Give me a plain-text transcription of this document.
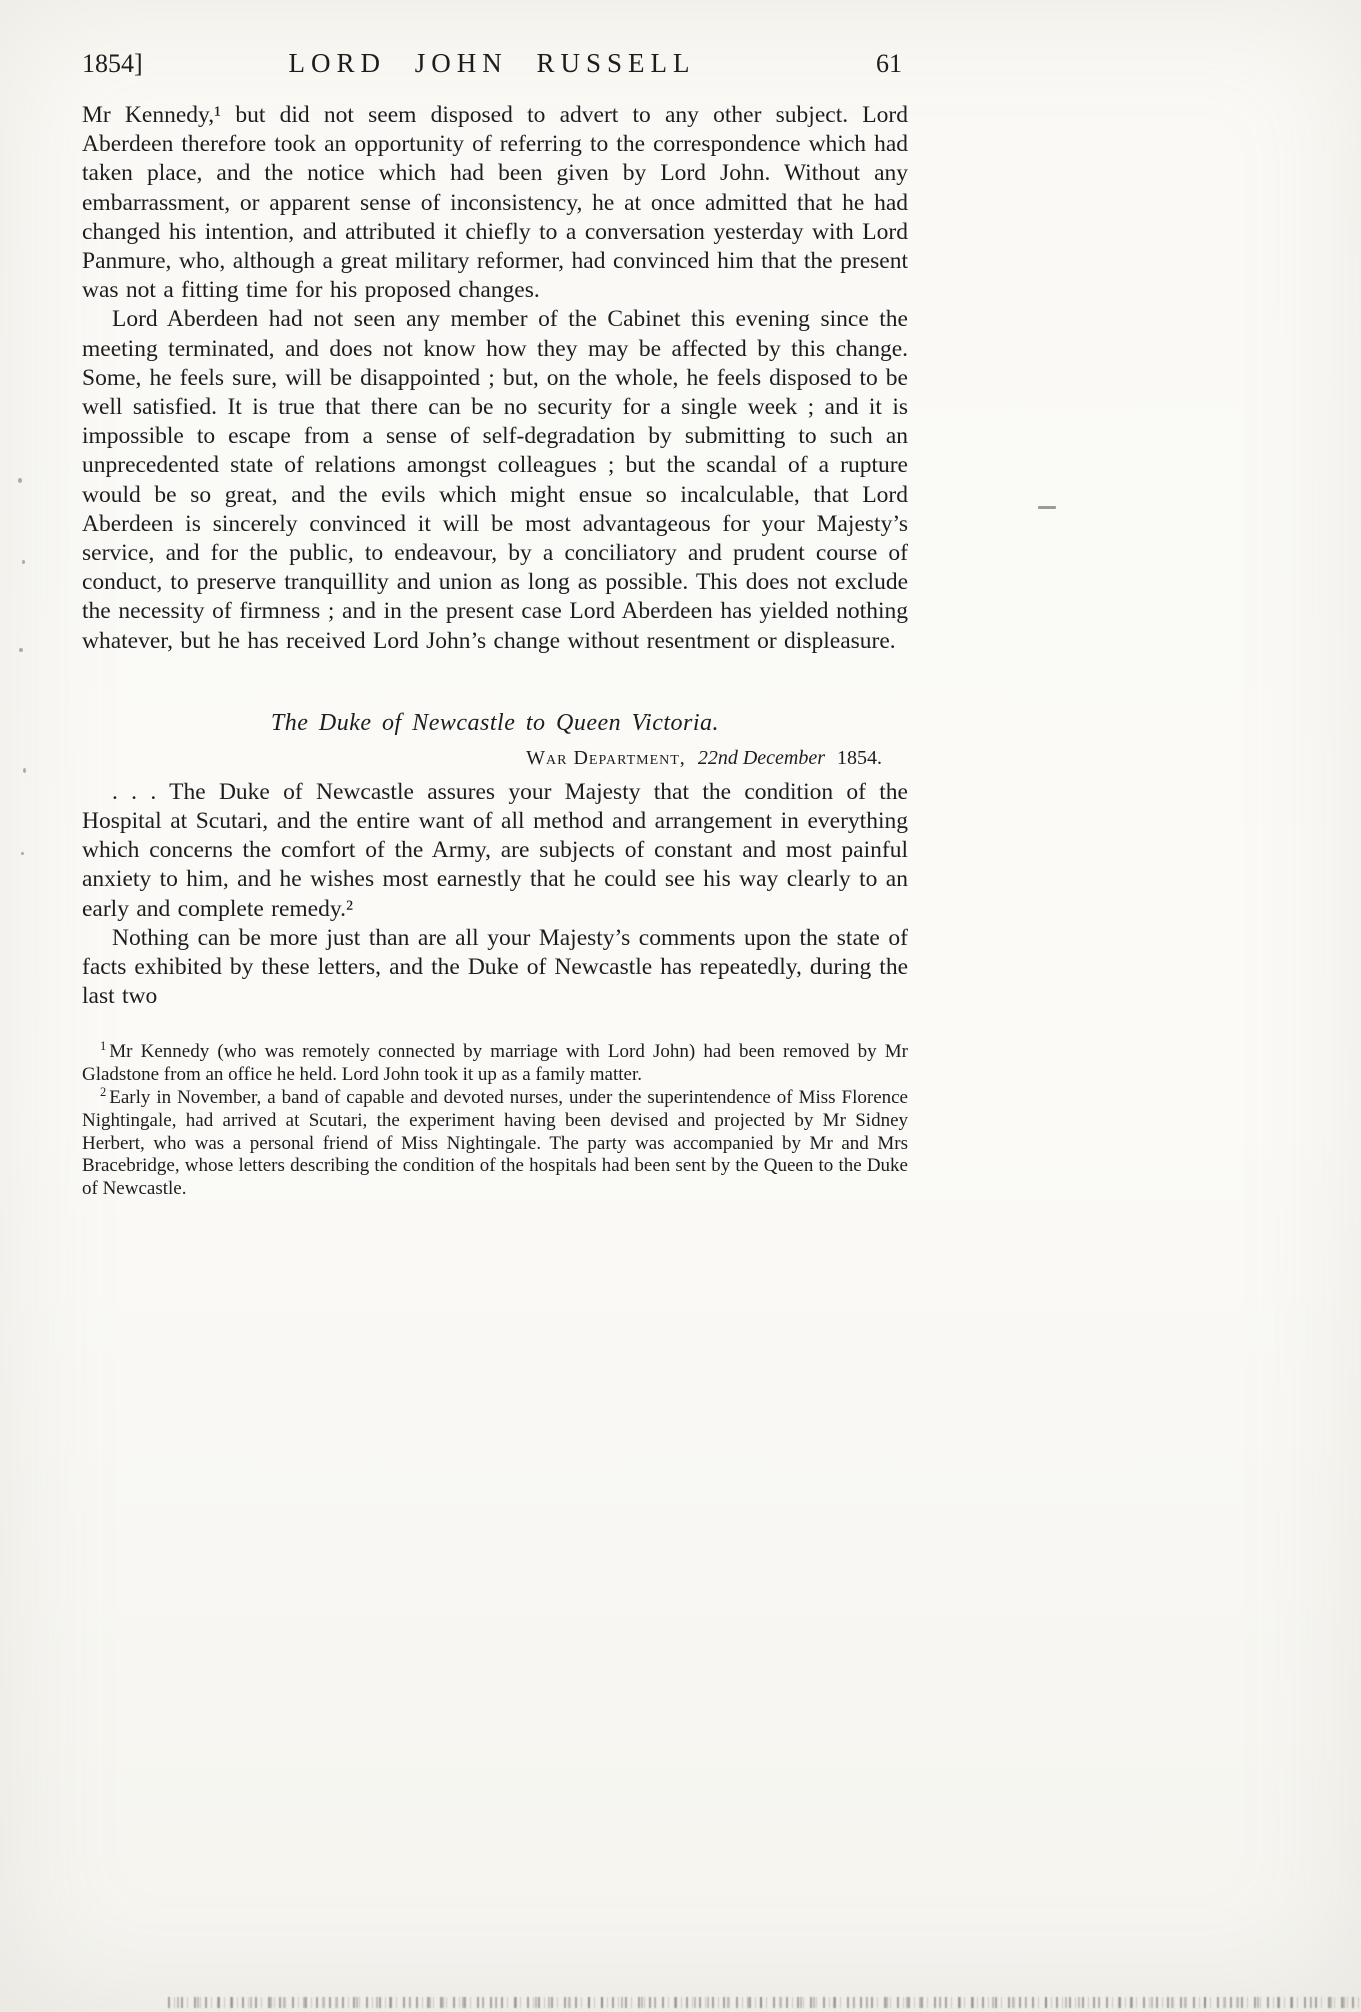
1854]	LORD JOHN RUSSELL	61

Mr Kennedy,¹ but did not seem disposed to advert to any other subject. Lord Aberdeen therefore took an opportunity of referring to the correspondence which had taken place, and the notice which had been given by Lord John. Without any embarrassment, or apparent sense of inconsistency, he at once admitted that he had changed his intention, and attributed it chiefly to a conversation yesterday with Lord Panmure, who, although a great military reformer, had convinced him that the present was not a fitting time for his proposed changes.

Lord Aberdeen had not seen any member of the Cabinet this evening since the meeting terminated, and does not know how they may be affected by this change. Some, he feels sure, will be disappointed ; but, on the whole, he feels disposed to be well satisfied. It is true that there can be no security for a single week ; and it is impossible to escape from a sense of self-degradation by submitting to such an unprecedented state of relations amongst colleagues ; but the scandal of a rupture would be so great, and the evils which might ensue so incalculable, that Lord Aberdeen is sincerely convinced it will be most advantageous for your Majesty’s service, and for the public, to endeavour, by a conciliatory and prudent course of conduct, to preserve tranquillity and union as long as possible. This does not exclude the necessity of firmness ; and in the present case Lord Aberdeen has yielded nothing whatever, but he has received Lord John’s change without resentment or displeasure.

The Duke of Newcastle to Queen Victoria.
War Department, 22nd December 1854.

. . . The Duke of Newcastle assures your Majesty that the condition of the Hospital at Scutari, and the entire want of all method and arrangement in everything which concerns the comfort of the Army, are subjects of constant and most painful anxiety to him, and he wishes most earnestly that he could see his way clearly to an early and complete remedy.²

Nothing can be more just than are all your Majesty’s comments upon the state of facts exhibited by these letters, and the Duke of Newcastle has repeatedly, during the last two

$^1$ Mr Kennedy (who was remotely connected by marriage with Lord John) had been removed by Mr Gladstone from an office he held. Lord John took it up as a family matter.

$^2$ Early in November, a band of capable and devoted nurses, under the superintendence of Miss Florence Nightingale, had arrived at Scutari, the experiment having been devised and projected by Mr Sidney Herbert, who was a personal friend of Miss Nightingale. The party was accompanied by Mr and Mrs Bracebridge, whose letters describing the condition of the hospitals had been sent by the Queen to the Duke of Newcastle.
